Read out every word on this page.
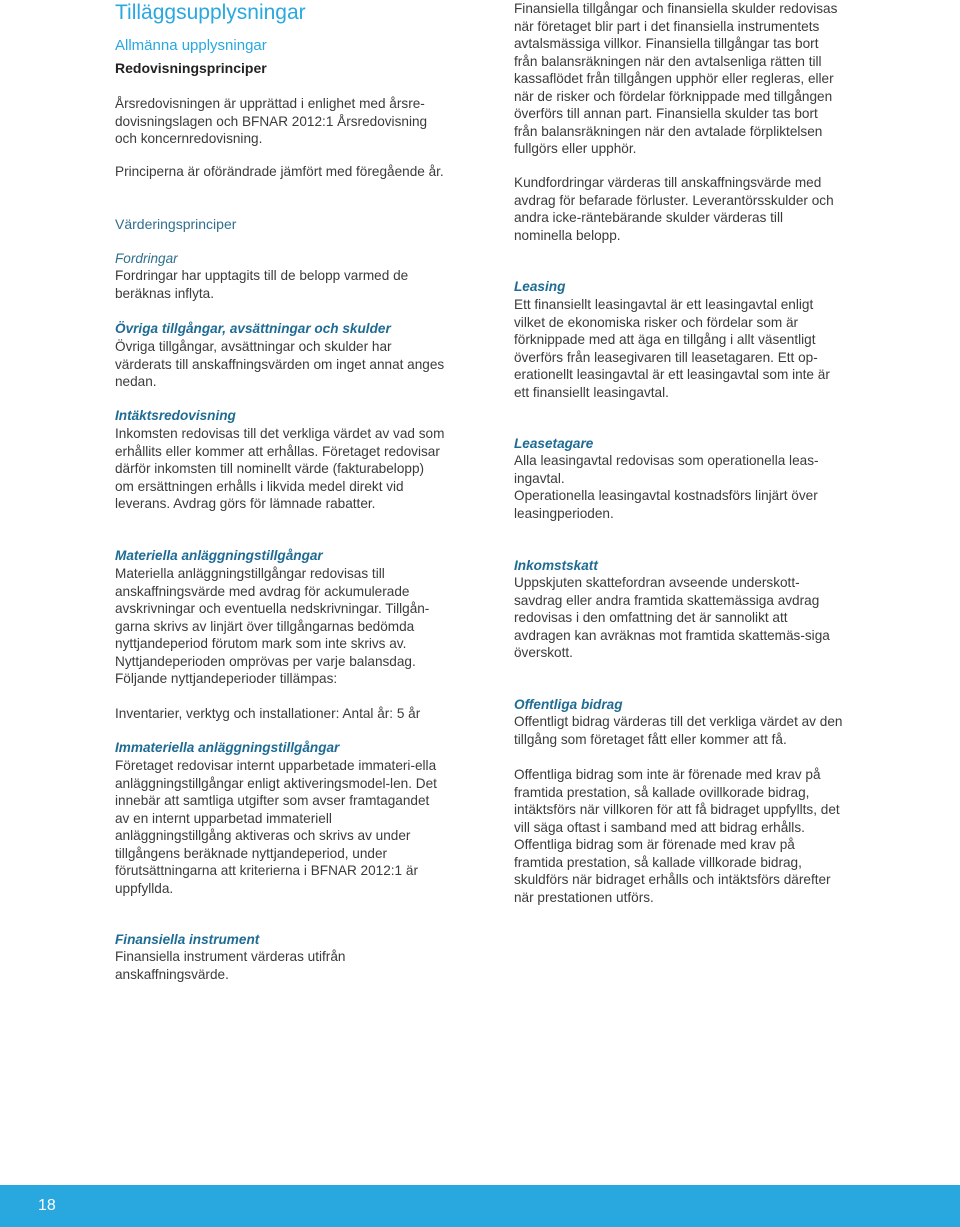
Tilläggsupplysningar
Allmänna upplysningar
Redovisningsprinciper

Årsredovisningen är upprättad i enlighet med årsre-dovisningslagen och BFNAR 2012:1 Årsredovisning och koncernredovisning.

Principerna är oförändrade jämfört med föregående år.

Värderingsprinciper

Fordringar

Fordringar har upptagits till de belopp varmed de beräknas inflyta.

Övriga tillgångar, avsättningar och skulder

Övriga tillgångar, avsättningar och skulder har värderats till anskaffningsvärden om inget annat anges nedan.

Intäktsredovisning

Inkomsten redovisas till det verkliga värdet av vad som erhållits eller kommer att erhållas. Företaget redovisar därför inkomsten till nominellt värde (fakturabelopp) om ersättningen erhålls i likvida medel direkt vid leverans. Avdrag görs för lämnade rabatter.

Materiella anläggningstillgångar

Materiella anläggningstillgångar redovisas till anskaffningsvärde med avdrag för ackumulerade avskrivningar och eventuella nedskrivningar. Tillgån-garna skrivs av linjärt över tillgångarnas bedömda nyttjandeperiod förutom mark som inte skrivs av. Nyttjandeperioden omprövas per varje balansdag. Följande nyttjandeperioder tillämpas:

Inventarier, verktyg och installationer: Antal år: 5 år

Immateriella anläggningstillgångar

Företaget redovisar internt upparbetade immateri-ella anläggningstillgångar enligt aktiveringsmodel-len. Det innebär att samtliga utgifter som avser framtagandet av en internt upparbetad immateriell anläggningstillgång aktiveras och skrivs av under tillgångens beräknade nyttjandeperiod, under förutsättningarna att kriterierna i BFNAR 2012:1 är uppfyllda.

Finansiella instrument

Finansiella instrument värderas utifrån anskaffningsvärde.

Finansiella tillgångar och finansiella skulder redovisas när företaget blir part i det finansiella instrumentets avtalsmässiga villkor. Finansiella tillgångar tas bort från balansräkningen när den avtalsenliga rätten till kassaflödet från tillgången upphör eller regleras, eller när de risker och fördelar förknippade med tillgången överförs till annan part. Finansiella skulder tas bort från balansräkningen när den avtalade förpliktelsen fullgörs eller upphör.

Kundfordringar värderas till anskaffningsvärde med avdrag för befarade förluster. Leverantörsskulder och andra icke-räntebärande skulder värderas till nominella belopp.

Leasing

Ett finansiellt leasingavtal är ett leasingavtal enligt vilket de ekonomiska risker och fördelar som är förknippade med att äga en tillgång i allt väsentligt överförs från leasegivaren till leasetagaren. Ett op-erationellt leasingavtal är ett leasingavtal som inte är ett finansiellt leasingavtal.

Leasetagare

Alla leasingavtal redovisas som operationella leas-ingavtal.

Operationella leasingavtal kostnadsförs linjärt över leasingperioden.

Inkomstskatt

Uppskjuten skattefordran avseende underskott-savdrag eller andra framtida skattemässiga avdrag redovisas i den omfattning det är sannolikt att avdragen kan avräknas mot framtida skattemäs-siga överskott.

Offentliga bidrag

Offentligt bidrag värderas till det verkliga värdet av den tillgång som företaget fått eller kommer att få.

Offentliga bidrag som inte är förenade med krav på framtida prestation, så kallade ovillkorade bidrag, intäktsförs när villkoren för att få bidraget uppfyllts, det vill säga oftast i samband med att bidrag erhålls. Offentliga bidrag som är förenade med krav på framtida prestation, så kallade villkorade bidrag, skuldförs när bidraget erhålls och intäktsförs därefter när prestationen utförs.

18
